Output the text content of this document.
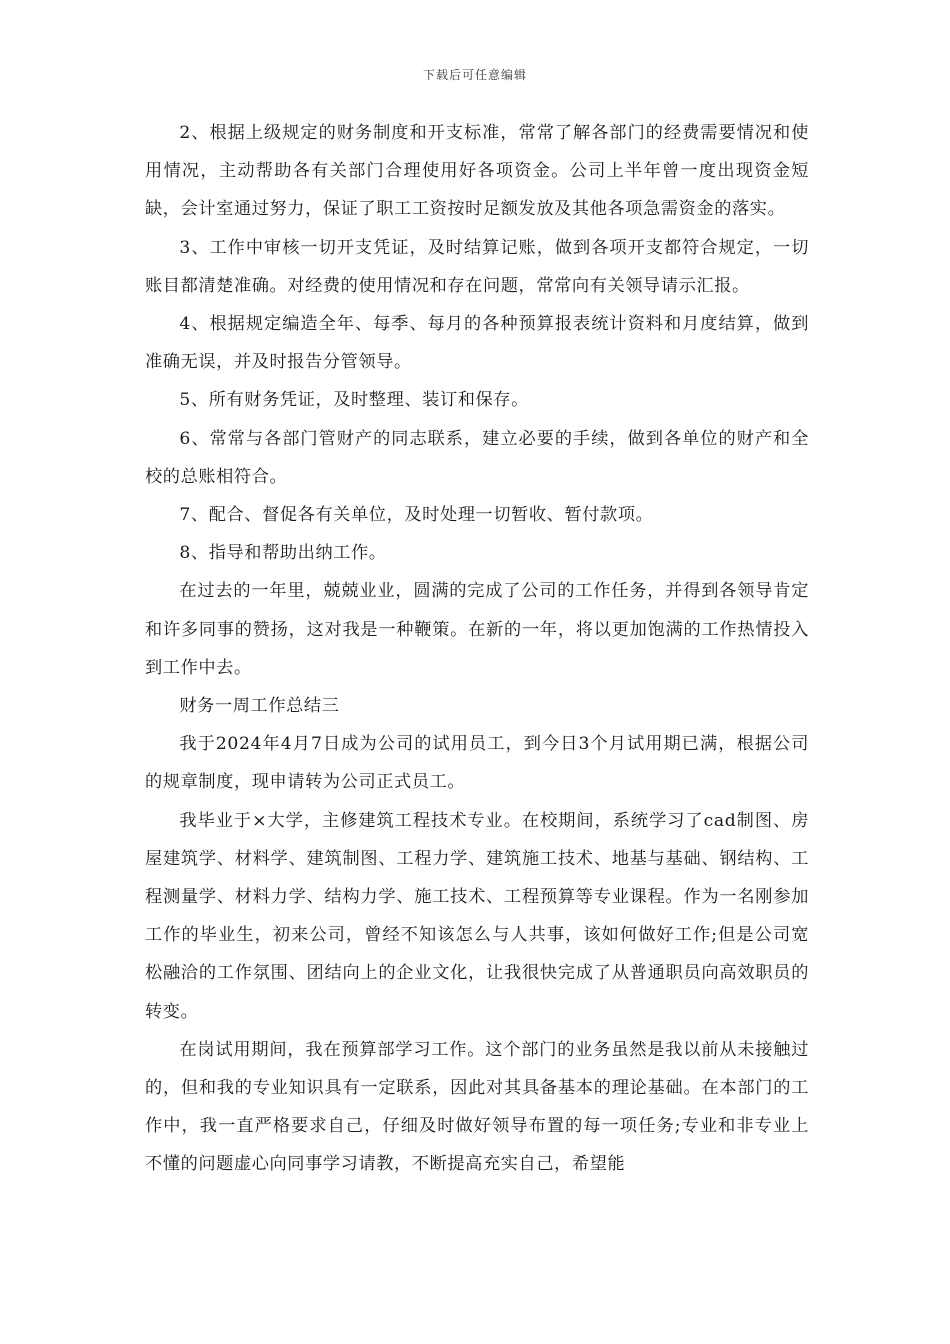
下载后可任意编辑

2、根据上级规定的财务制度和开支标准，常常了解各部门的经费需要情况和使用情况，主动帮助各有关部门合理使用好各项资金。公司上半年曾一度出现资金短缺，会计室通过努力，保证了职工工资按时足额发放及其他各项急需资金的落实。

3、工作中审核一切开支凭证，及时结算记账，做到各项开支都符合规定，一切账目都清楚准确。对经费的使用情况和存在问题，常常向有关领导请示汇报。

4、根据规定编造全年、每季、每月的各种预算报表统计资料和月度结算，做到准确无误，并及时报告分管领导。

5、所有财务凭证，及时整理、装订和保存。

6、常常与各部门管财产的同志联系，建立必要的手续，做到各单位的财产和全校的总账相符合。

7、配合、督促各有关单位，及时处理一切暂收、暂付款项。

8、指导和帮助出纳工作。

在过去的一年里，兢兢业业，圆满的完成了公司的工作任务，并得到各领导肯定和许多同事的赞扬，这对我是一种鞭策。在新的一年，将以更加饱满的工作热情投入到工作中去。

财务一周工作总结三

我于2024年4月7日成为公司的试用员工，到今日3个月试用期已满，根据公司的规章制度，现申请转为公司正式员工。

我毕业于×大学，主修建筑工程技术专业。在校期间，系统学习了cad制图、房屋建筑学、材料学、建筑制图、工程力学、建筑施工技术、地基与基础、钢结构、工程测量学、材料力学、结构力学、施工技术、工程预算等专业课程。作为一名刚参加工作的毕业生，初来公司，曾经不知该怎么与人共事，该如何做好工作;但是公司宽松融洽的工作氛围、团结向上的企业文化，让我很快完成了从普通职员向高效职员的转变。

在岗试用期间，我在预算部学习工作。这个部门的业务虽然是我以前从未接触过的，但和我的专业知识具有一定联系，因此对其具备基本的理论基础。在本部门的工作中，我一直严格要求自己，仔细及时做好领导布置的每一项任务;专业和非专业上不懂的问题虚心向同事学习请教，不断提高充实自己，希望能
